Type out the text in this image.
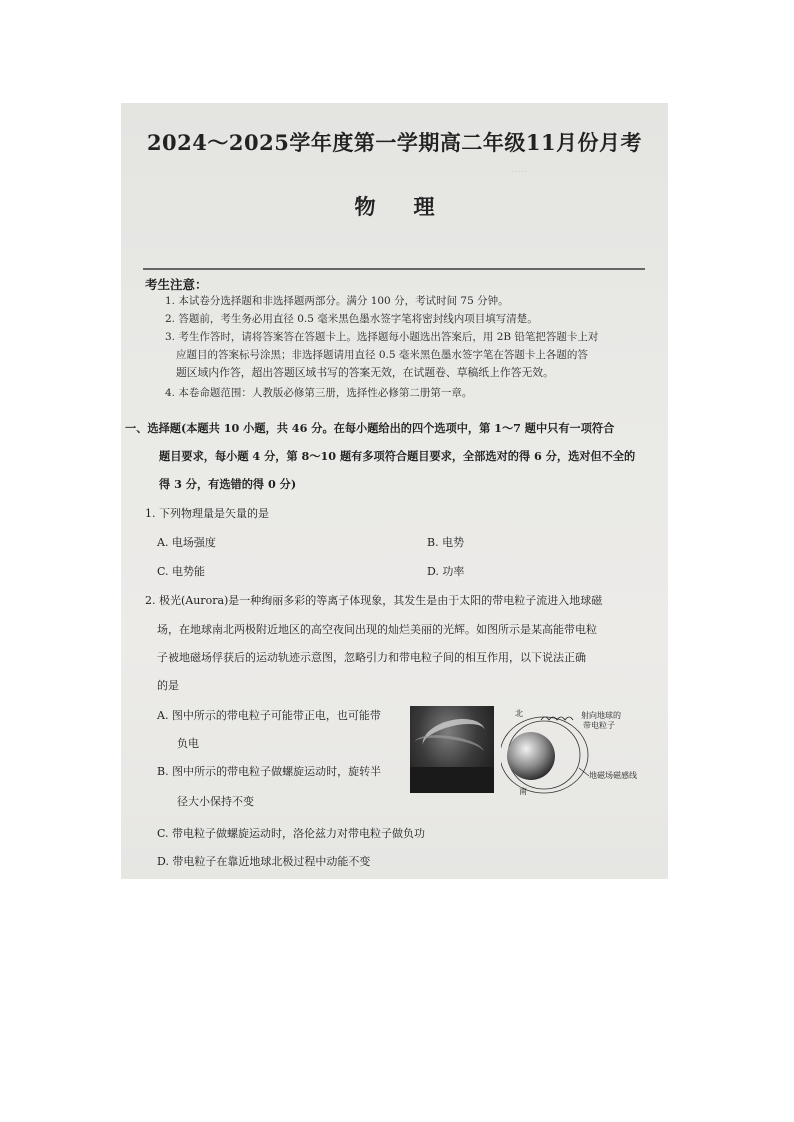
·····
2024～2025学年度第一学期高二年级11月份月考
物理
考生注意：
1. 本试卷分选择题和非选择题两部分。满分 100 分，考试时间 75 分钟。
2. 答题前，考生务必用直径 0.5 毫米黑色墨水签字笔将密封线内项目填写清楚。
3. 考生作答时，请将答案答在答题卡上。选择题每小题选出答案后，用 2B 铅笔把答题卡上对
应题目的答案标号涂黑；非选择题请用直径 0.5 毫米黑色墨水签字笔在答题卡上各题的答
题区域内作答，超出答题区域书写的答案无效，在试题卷、草稿纸上作答无效。
4. 本卷命题范围：人教版必修第三册，选择性必修第二册第一章。
一、选择题(本题共 10 小题，共 46 分。在每小题给出的四个选项中，第 1～7 题中只有一项符合
题目要求，每小题 4 分，第 8～10 题有多项符合题目要求，全部选对的得 6 分，选对但不全的
得 3 分，有选错的得 0 分)
1. 下列物理量是矢量的是
A. 电场强度	B. 电势
C. 电势能	D. 功率
2. 极光(Aurora)是一种绚丽多彩的等离子体现象，其发生是由于太阳的带电粒子流进入地球磁
场，在地球南北两极附近地区的高空夜间出现的灿烂美丽的光辉。如图所示是某高能带电粒
子被地磁场俘获后的运动轨迹示意图，忽略引力和带电粒子间的相互作用，以下说法正确
的是
A. 图中所示的带电粒子可能带正电，也可能带
负电
B. 图中所示的带电粒子做螺旋运动时，旋转半
径大小保持不变
C. 带电粒子做螺旋运动时，洛伦兹力对带电粒子做负功
D. 带电粒子在靠近地球北极过程中动能不变
北
南
射向地球的
带电粒子
地磁场磁感线
